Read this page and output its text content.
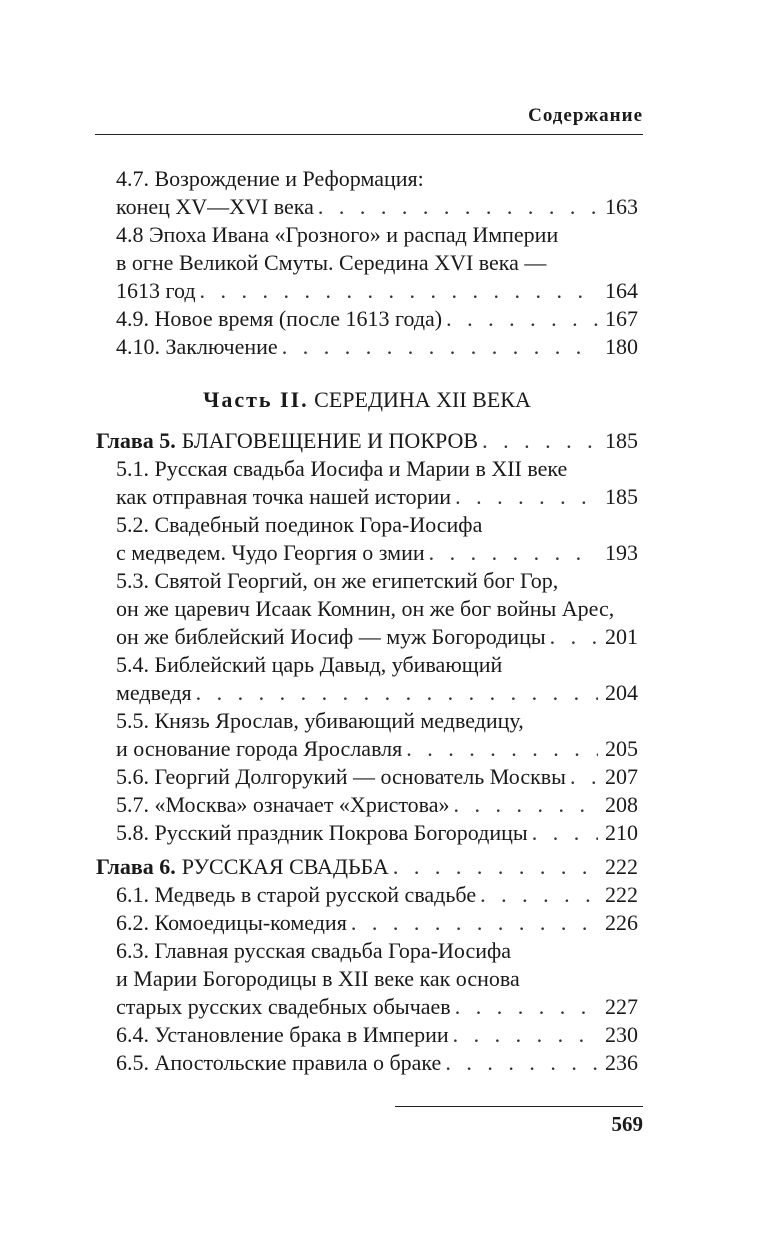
Содержание
4.7. Возрождение и Реформация:
конец XV—XVI века . . .	163
4.8 Эпоха Ивана «Грозного» и распад Империи
в огне Великой Смуты. Середина XVI века —
1613 год . . .	164
4.9. Новое время (после 1613 года) . . .	167
4.10. Заключение . . .	180
Часть II. СЕРЕДИНА XII ВЕКА
Глава 5. БЛАГОВЕЩЕНИЕ И ПОКРОВ . . .	185
5.1. Русская свадьба Иосифа и Марии в XII веке
как отправная точка нашей истории . . .	185
5.2. Свадебный поединок Гора-Иосифа
с медведем. Чудо Георгия о змии . . .	193
5.3. Святой Георгий, он же египетский бог Гор,
он же царевич Исаак Комнин, он же бог войны Арес,
он же библейский Иосиф — муж Богородицы . . .	201
5.4. Библейский царь Давыд, убивающий
медведя . . .	204
5.5. Князь Ярослав, убивающий медведицу,
и основание города Ярославля . . .	205
5.6. Георгий Долгорукий — основатель Москвы . . . 207
5.7. «Москва» означает «Христова» . . .	208
5.8. Русский праздник Покрова Богородицы . . .	210
Глава 6. РУССКАЯ СВАДЬБА . . .	222
6.1. Медведь в старой русской свадьбе . . .	222
6.2. Комоедицы-комедия . . .	226
6.3. Главная русская свадьба Гора-Иосифа
и Марии Богородицы в XII веке как основа
старых русских свадебных обычаев . . .	227
6.4. Установление брака в Империи . . .	230
6.5. Апостольские правила о браке . . .	236
569
